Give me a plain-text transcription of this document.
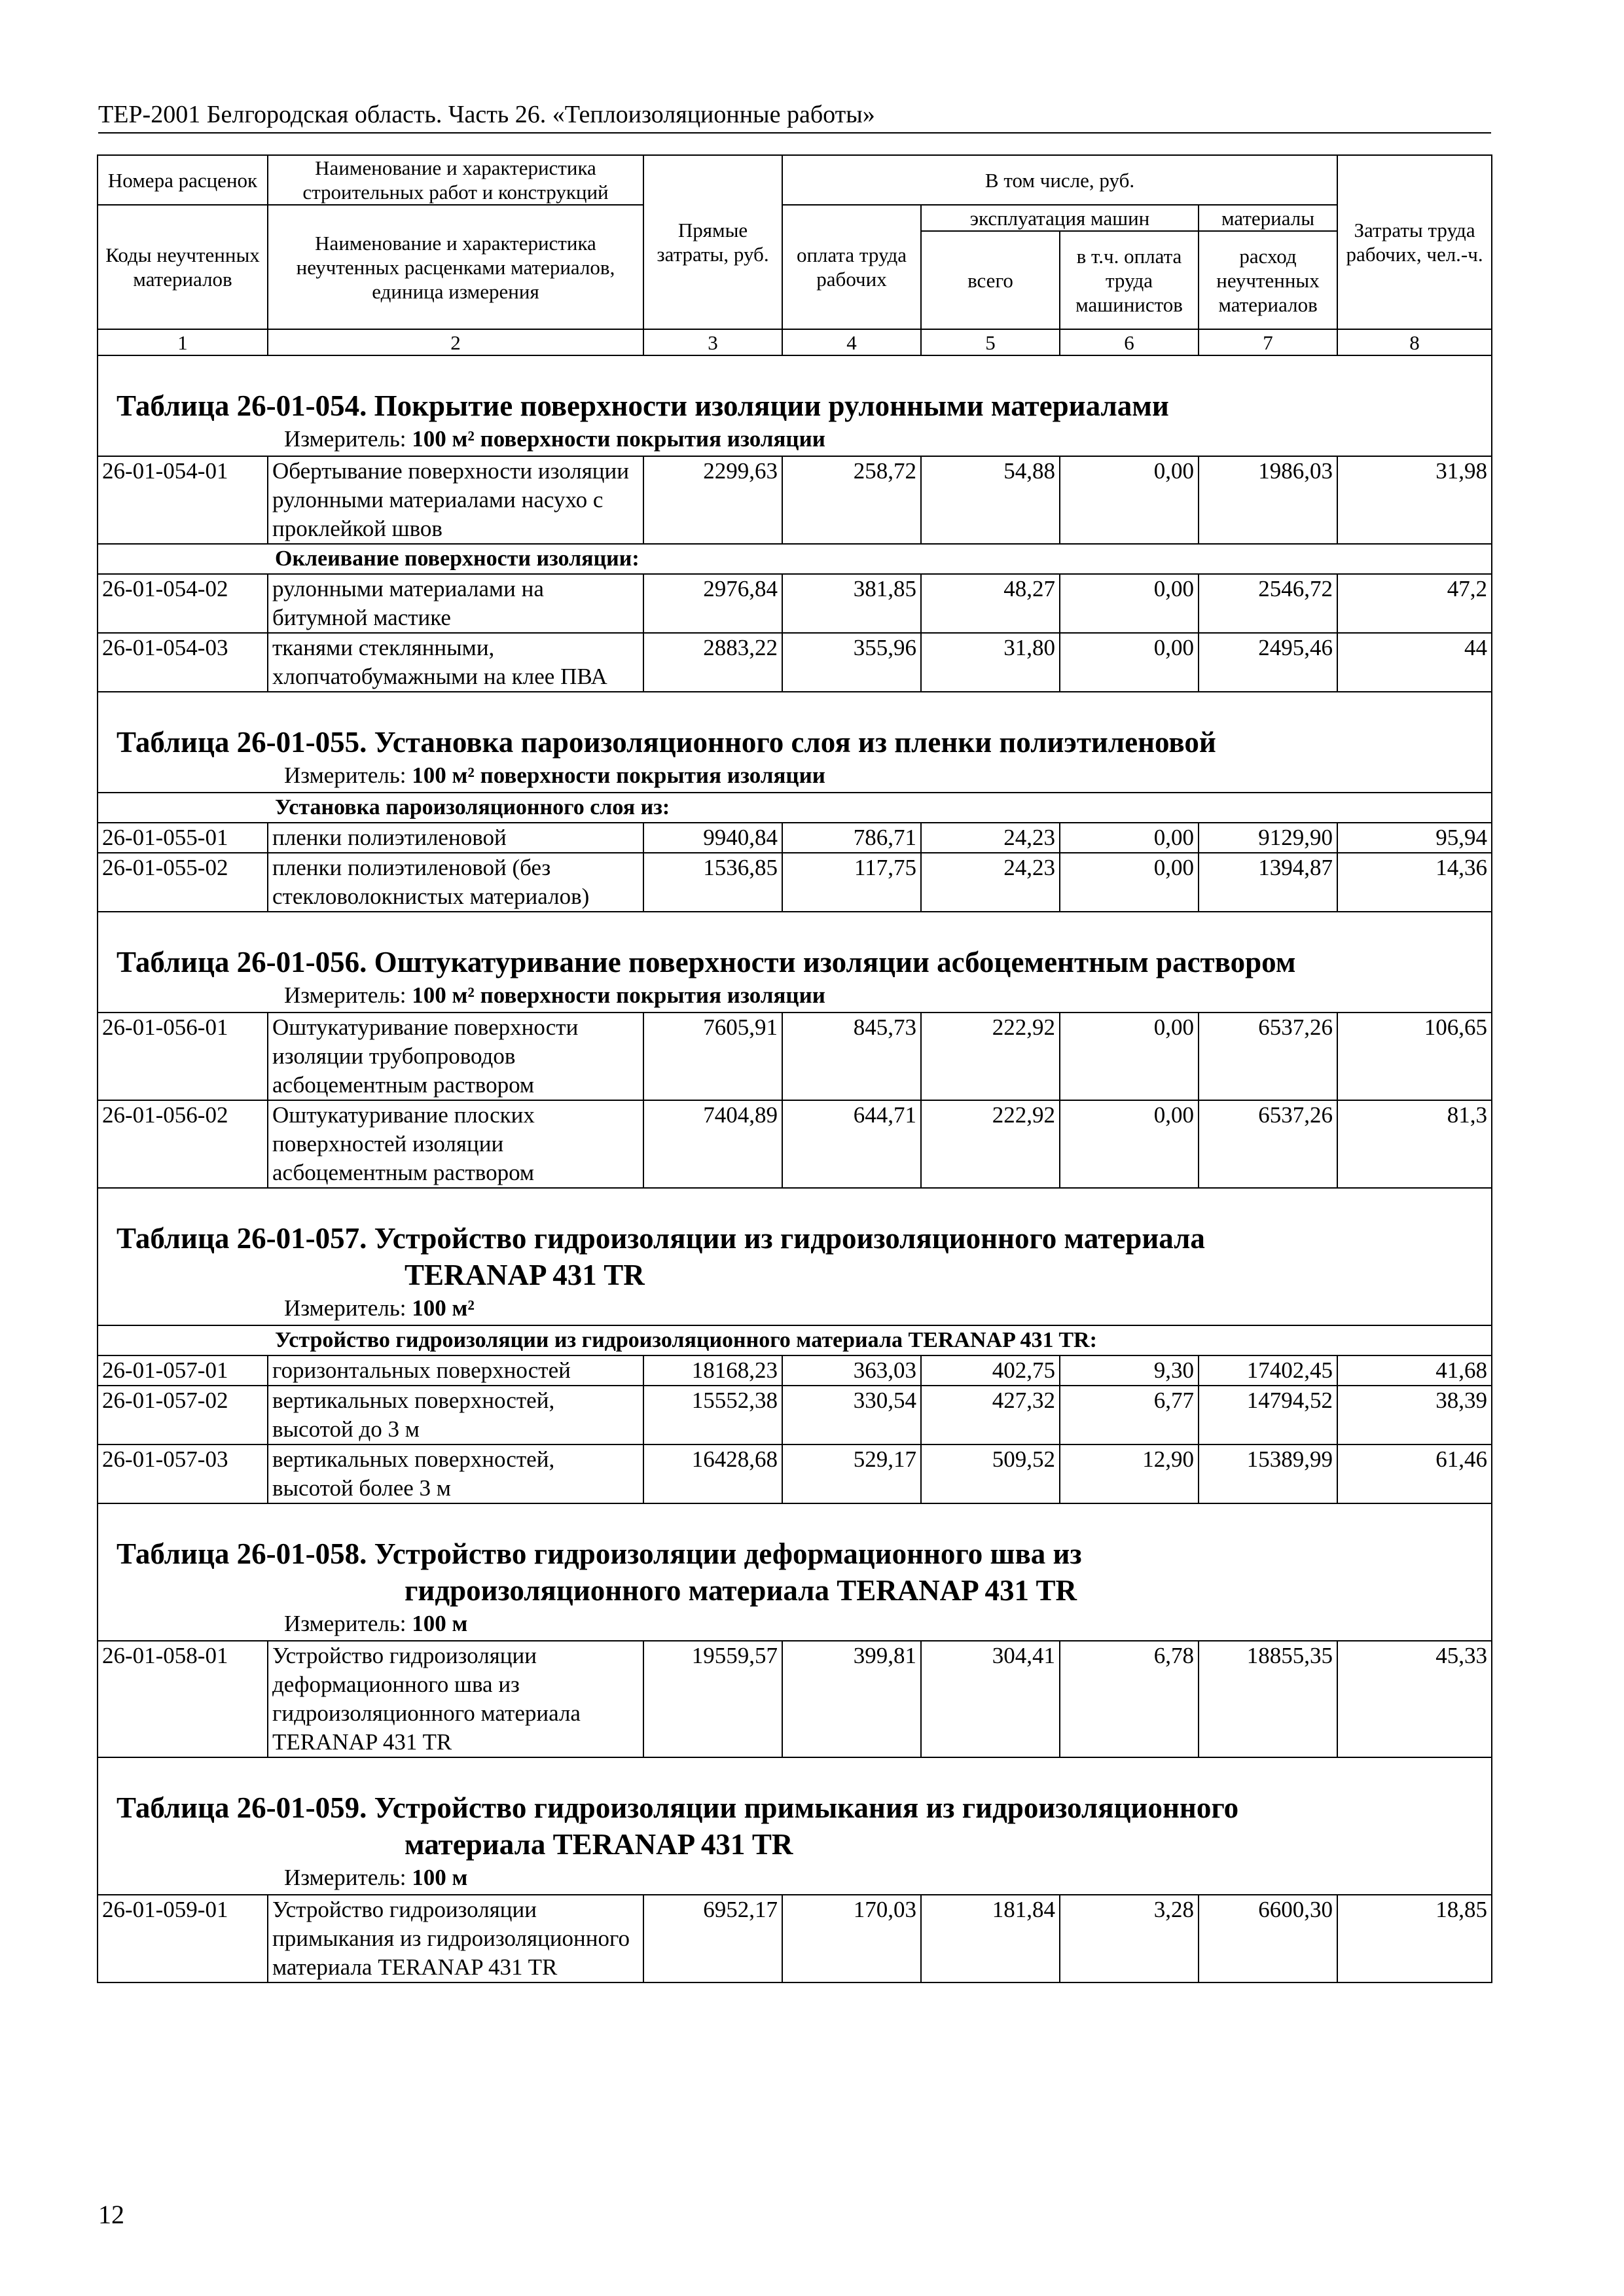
ТЕР-2001 Белгородская область. Часть 26. «Теплоизоляционные работы»
Номера расценок	Наименование и характеристика строительных работ и конструкций	Прямые затраты, руб.	В том числе, руб.				Затраты труда рабочих, чел.-ч.
Коды неучтенных материалов	Наименование и характеристика неучтенных расценками материалов, единица измерения		оплата труда рабочих	эксплуатация машин		материалы	
				всего	в т.ч. оплата труда машинистов	расход неучтенных материалов	
1	2	3	4	5	6	7	8

Таблица 26-01-054. Покрытие поверхности изоляции рулонными материалами
Измеритель: 100 м² поверхности покрытия изоляции							

26-01-054-01	Обертывание поверхности изоляции рулонными материалами насухо с проклейкой швов	2299,63	258,72	54,88	0,00	1986,03	31,98
Оклеивание поверхности изоляции:							
26-01-054-02	рулонными материалами на битумной мастике	2976,84	381,85	48,27	0,00	2546,72	47,2
26-01-054-03	тканями стеклянными, хлопчатобумажными на клее ПВА	2883,22	355,96	31,80	0,00	2495,46	44

Таблица 26-01-055. Установка пароизоляционного слоя из пленки полиэтиленовой
Измеритель: 100 м² поверхности покрытия изоляции							

Установка пароизоляционного слоя из:							
26-01-055-01	пленки полиэтиленовой	9940,84	786,71	24,23	0,00	9129,90	95,94
26-01-055-02	пленки полиэтиленовой (без стекловолокнистых материалов)	1536,85	117,75	24,23	0,00	1394,87	14,36

Таблица 26-01-056. Оштукатуривание поверхности изоляции асбоцементным раствором
Измеритель: 100 м² поверхности покрытия изоляции							

26-01-056-01	Оштукатуривание поверхности изоляции трубопроводов асбоцементным раствором	7605,91	845,73	222,92	0,00	6537,26	106,65
26-01-056-02	Оштукатуривание плоских поверхностей изоляции асбоцементным раствором	7404,89	644,71	222,92	0,00	6537,26	81,3

Таблица 26-01-057. Устройство гидроизоляции из гидроизоляционного материала
TERANAP 431 TR
Измеритель: 100 м²							

Устройство гидроизоляции из гидроизоляционного материала TERANAP 431 TR:							
26-01-057-01	горизонтальных поверхностей	18168,23	363,03	402,75	9,30	17402,45	41,68
26-01-057-02	вертикальных поверхностей, высотой до 3 м	15552,38	330,54	427,32	6,77	14794,52	38,39
26-01-057-03	вертикальных поверхностей, высотой более 3 м	16428,68	529,17	509,52	12,90	15389,99	61,46

Таблица 26-01-058. Устройство гидроизоляции деформационного шва из
гидроизоляционного материала TERANAP 431 TR
Измеритель: 100 м							

26-01-058-01	Устройство гидроизоляции деформационного шва из гидроизоляционного материала TERANAP 431 TR	19559,57	399,81	304,41	6,78	18855,35	45,33

Таблица 26-01-059. Устройство гидроизоляции примыкания из гидроизоляционного
материала TERANAP 431 TR
Измеритель: 100 м							

26-01-059-01	Устройство гидроизоляции примыкания из гидроизоляционного материала TERANAP 431 TR	6952,17	170,03	181,84	3,28	6600,30	18,85
12
